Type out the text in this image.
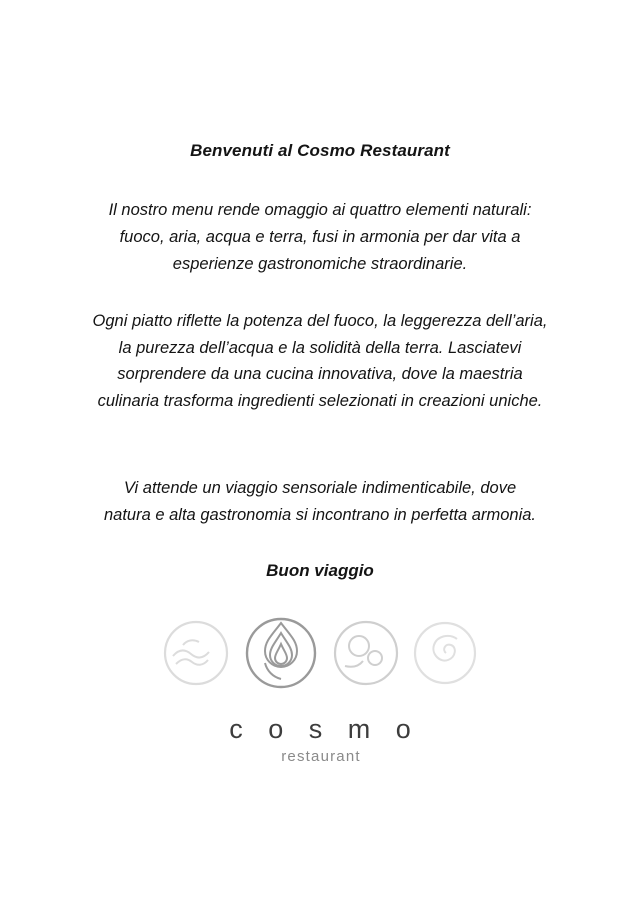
Benvenuti al Cosmo Restaurant

Il nostro menu rende omaggio ai quattro elementi naturali: fuoco, aria, acqua e terra, fusi in armonia per dar vita a esperienze gastronomiche straordinarie.

Ogni piatto riflette la potenza del fuoco, la leggerezza dell’aria, la purezza dell’acqua e la solidità della terra. Lasciatevi sorprendere da una cucina innovativa, dove la maestria culinaria trasforma ingredienti selezionati in creazioni uniche.

Vi attende un viaggio sensoriale indimenticabile, dove natura e alta gastronomia si incontrano in perfetta armonia.

Buon viaggio

c o s m o
restaurant
